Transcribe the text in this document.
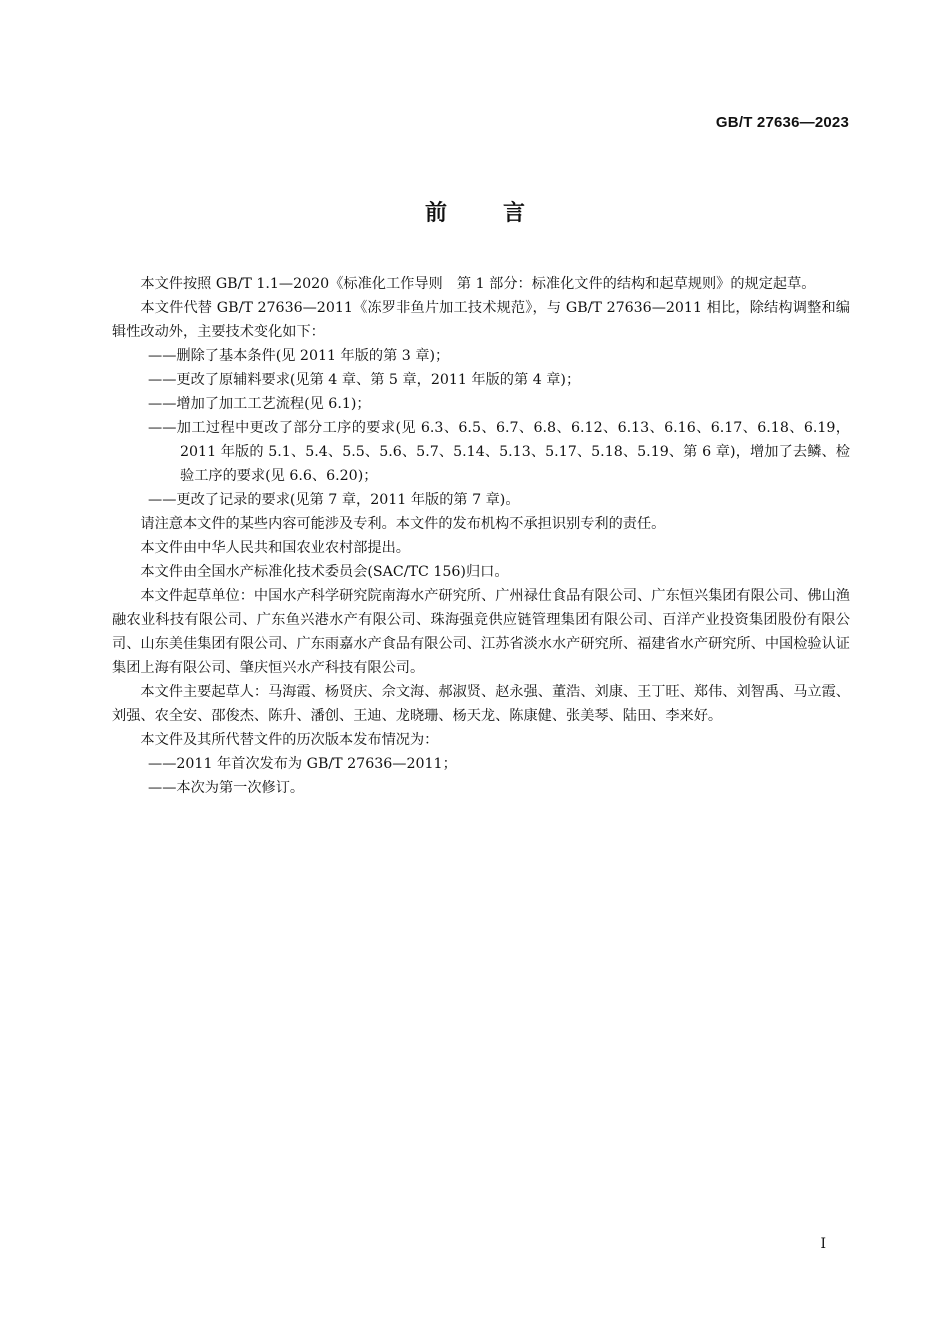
GB/T 27636—2023
前言

本文件按照 GB/T 1.1—2020《标准化工作导则　第 1 部分：标准化文件的结构和起草规则》的规定起草。

本文件代替 GB/T 27636—2011《冻罗非鱼片加工技术规范》，与 GB/T 27636—2011 相比，除结构调整和编辑性改动外，主要技术变化如下：

——删除了基本条件(见 2011 年版的第 3 章)；

——更改了原辅料要求(见第 4 章、第 5 章，2011 年版的第 4 章)；

——增加了加工工艺流程(见 6.1)；

——加工过程中更改了部分工序的要求(见 6.3、6.5、6.7、6.8、6.12、6.13、6.16、6.17、6.18、6.19，2011 年版的 5.1、5.4、5.5、5.6、5.7、5.14、5.13、5.17、5.18、5.19、第 6 章)，增加了去鳞、检验工序的要求(见 6.6、6.20)；

——更改了记录的要求(见第 7 章，2011 年版的第 7 章)。

请注意本文件的某些内容可能涉及专利。本文件的发布机构不承担识别专利的责任。

本文件由中华人民共和国农业农村部提出。

本文件由全国水产标准化技术委员会(SAC/TC 156)归口。

本文件起草单位：中国水产科学研究院南海水产研究所、广州禄仕食品有限公司、广东恒兴集团有限公司、佛山渔融农业科技有限公司、广东鱼兴港水产有限公司、珠海强竞供应链管理集团有限公司、百洋产业投资集团股份有限公司、山东美佳集团有限公司、广东雨嘉水产食品有限公司、江苏省淡水水产研究所、福建省水产研究所、中国检验认证集团上海有限公司、肇庆恒兴水产科技有限公司。

本文件主要起草人：马海霞、杨贤庆、佘文海、郝淑贤、赵永强、董浩、刘康、王丁旺、郑伟、刘智禹、马立霞、刘强、农全安、邵俊杰、陈升、潘创、王迪、龙晓珊、杨天龙、陈康健、张美琴、陆田、李来好。

本文件及其所代替文件的历次版本发布情况为：

——2011 年首次发布为 GB/T 27636—2011；

——本次为第一次修订。

I
